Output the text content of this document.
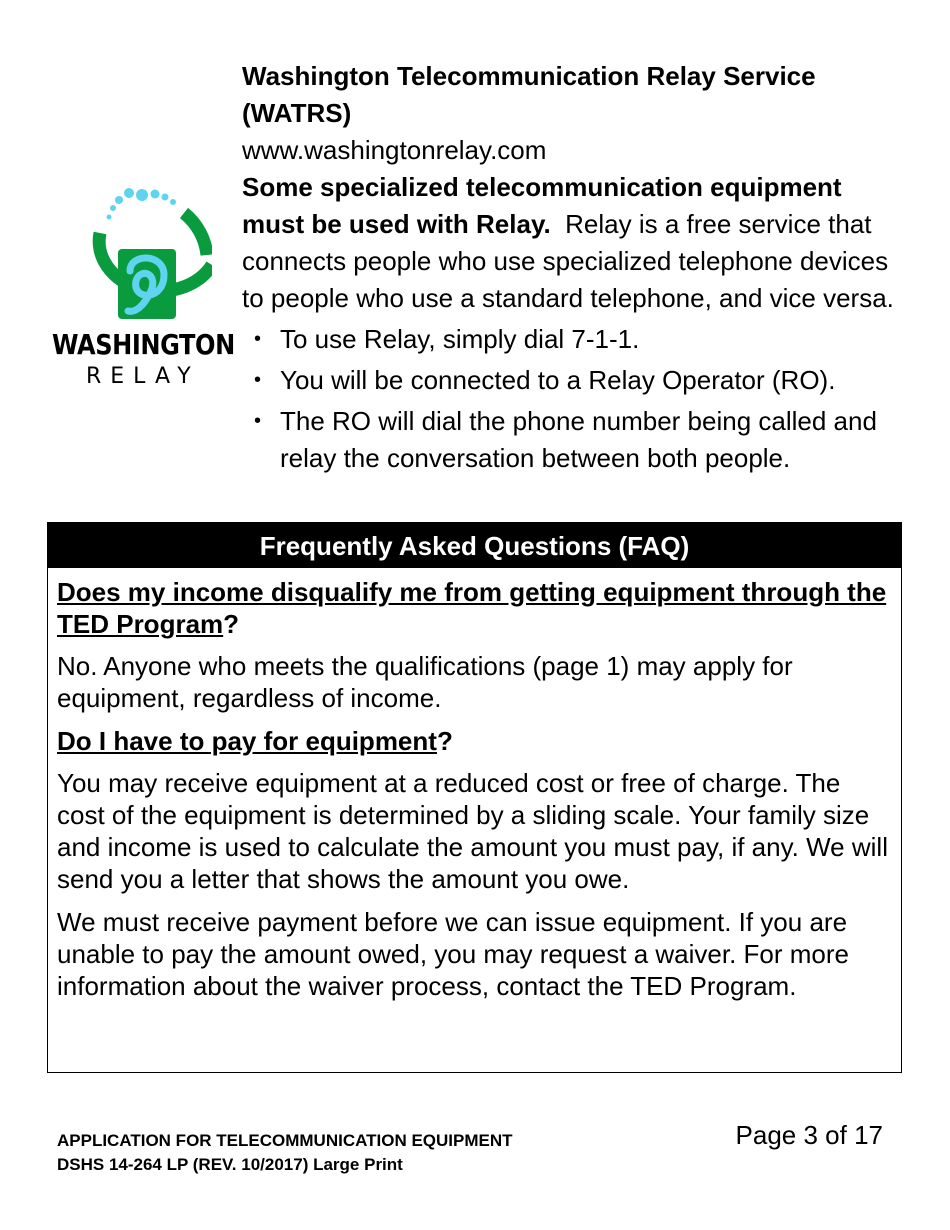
WASHINGTON
RELAY
Washington Telecommunication Relay Service (WATRS)
www.washingtonrelay.com

Some specialized telecommunication equipment must be used with Relay. Relay is a free service that connects people who use specialized telephone devices to people who use a standard telephone, and vice versa.

• To use Relay, simply dial 7-1-1.
• You will be connected to a Relay Operator (RO).
• The RO will dial the phone number being called and relay the conversation between both people.
Frequently Asked Questions (FAQ)
Does my income disqualify me from getting equipment through the TED Program?
No. Anyone who meets the qualifications (page 1) may apply for equipment, regardless of income.
Do I have to pay for equipment?
You may receive equipment at a reduced cost or free of charge. The cost of the equipment is determined by a sliding scale. Your family size and income is used to calculate the amount you must pay, if any. We will send you a letter that shows the amount you owe.
We must receive payment before we can issue equipment. If you are unable to pay the amount owed, you may request a waiver. For more information about the waiver process, contact the TED Program.
APPLICATION FOR TELECOMMUNICATION EQUIPMENT
DSHS 14-264 LP (REV. 10/2017) Large Print
Page 3 of 17
